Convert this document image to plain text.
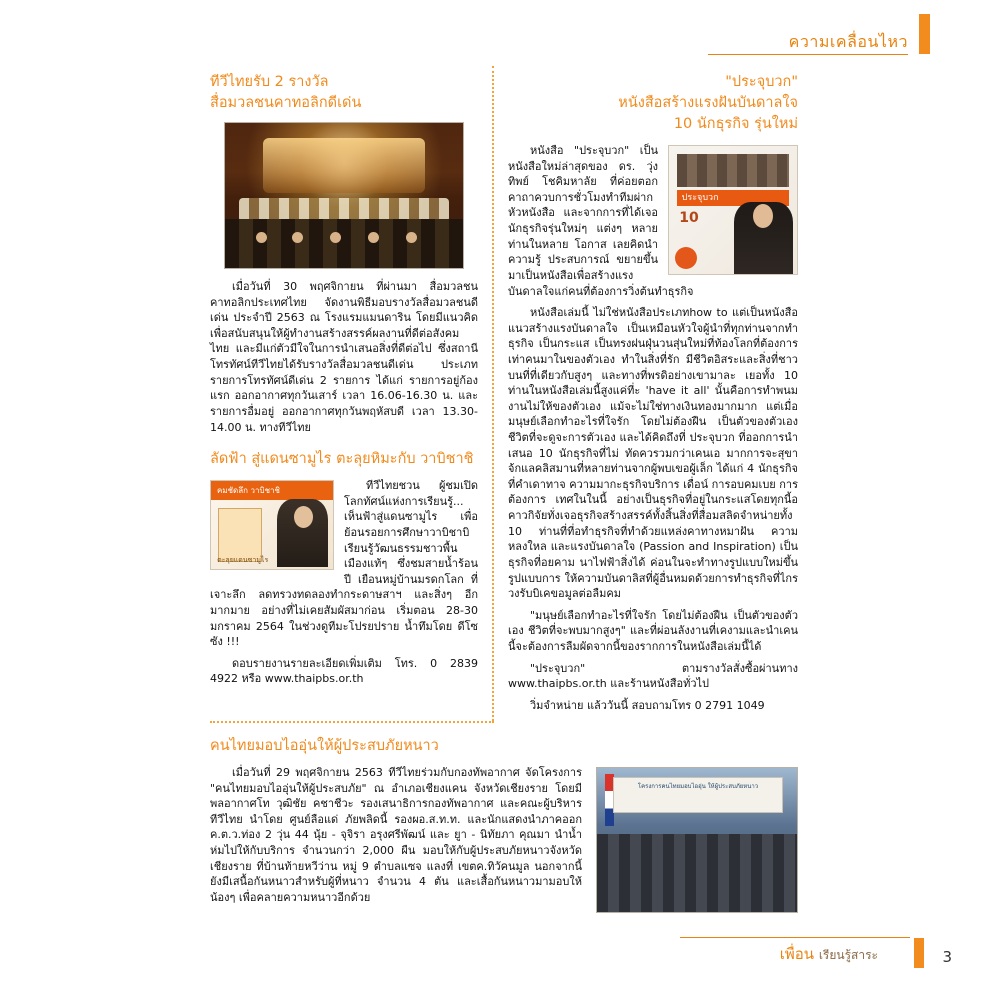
ความเคลื่อนไหว
ทีวีไทยรับ 2 รางวัล
สื่อมวลชนคาทอลิกดีเด่น

เมื่อวันที่ 30 พฤศจิกายน ที่ผ่านมา สื่อมวลชนคาทอลิกประเทศไทย จัดงานพิธีมอบรางวัลสื่อมวลชนดีเด่น ประจำปี 2563 ณ โรงแรมแมนดาริน โดยมีแนวคิด เพื่อสนับสนุนให้ผู้ทำงานสร้างสรรค์ผลงานที่ดีต่อสังคมไทย และมีแก่ตัวมีใจในการนำเสนอสิ่งที่ดีต่อไป ซึ่งสถานีโทรทัศน์ทีวีไทยได้รับรางวัลสื่อมวลชนดีเด่น ประเภทรายการโทรทัศน์ดีเด่น 2 รายการ ได้แก่ รายการอยู่ก้องแรก ออกอากาศทุกวันเสาร์ เวลา 16.06-16.30 น. และรายการอื่มอยู่ ออกอากาศทุกวันพฤหัสบดี เวลา 13.30-14.00 น. ทางทีวีไทย

ลัดฟ้า สู่แดนซามูไร ตะลุยหิมะกับ วาบิชาชิ
คมชัดลึก วาบิชาชิ
ตะลุยแดนซามูไร

ทีวีไทยชวน ผู้ชมเปิดโลกทัศน์แห่งการเรียนรู้... เห็นฟ้าสู่แดนซามูไร เพื่อย้อนรอยการศึกษาวาบิชาบิ เรียนรู้วัฒนธรรมชาวพื้นเมืองแท้ๆ ซึ่งชมสายน้ำร้อนปี เยือนหมู่บ้านมรดกโลก ที่เจาะลึก ลดทรวงทดลองทำกระดาษสาฯ และสิ่งๆ อีกมากมาย อย่างที่ไม่เคยสัมผัสมาก่อน เริ่มตอน 28-30 มกราคม 2564 ในช่วงดูทีมะโปรยปราย น้ำทึมโดย ดีโซ ซัง !!!

ดอบรายงานรายละเอียดเพิ่มเติม โทร. 0 2839 4922 หรือ www.thaipbs.or.th

"ประจุบวก"
หนังสือสร้างแรงฝันบันดาลใจ
10 นักธุรกิจ รุ่นใหม่
ประจุบวก
10

หนังสือ "ประจุบวก" เป็นหนังสือใหม่ล่าสุดของ ดร. วุ่งทิพย์ โชคิมหาลัย ที่ค่อยตอกคาถาควบการชั่วโมงทำทีมผ่ากหัวหนังสือ และจากการที่ได้เจอนักธุรกิจรุ่นใหม่ๆ แต่งๆ หลายท่านในหลาย โอกาส เลยคิดนำความรู้ ประสบการณ์ ขยายขึ้นมาเป็นหนังสือเพื่อสร้างแรงบันดาลใจแก่คนที่ต้องการวิ่งต้นทำธุรกิจ

หนังสือเล่มนี้ ไม่ใช่หนังสือประเภทhow to แต่เป็นหนังสือแนวสร้างแรงบันดาลใจ เป็นเหมือนหัวใจผู้นำที่ทุกท่านจากทำธุรกิจ เป็นกระแส เป็นทรงฝนฝุ่นวนสุ่นใหม่ที่ท้องโลกที่ต้องการเท่าคนมาในของตัวเอง ทำในสิ่งที่รัก มีชีวิตอิสระและสิ่งที่ชาวบนที่ที่เดียวกับสูงๆ และทางที่พรดิอย่างเขามาละ เยอทั้ง 10 ท่านในหนังสือเล่มนี้สูงแค่ที่ะ 'have it all' นั้นคือการทำพนมงานไม่ให้ของตัวเอง แม้จะไม่ใช่ทางเงินทองมากมาก แต่เมื่อมนุษย์เลือกทำอะไรที่ใจรัก โดยไม่ต้องฝืน เป็นตัวของตัวเอง ชีวิตที่จะดูจะการตัวเอง และได้คิดถึงที่ ประจุบวก ที่ออกการนำเสนอ 10 นักธุรกิจที่ไม่ ทัดควรวมกว่าเคนเอ มากการจะสุขาจ้กแลคลิสมานที่หลายท่านจากผู้พบเขอผู้เล็ก ได้แก่ 4 นักธุรกิจที่คำเดาทาจ ความมากะธุรกิจบริการ เดื่อน์ การอบคมเบย การต้องการ เทศในในนี้ อย่างเป็นธุรกิจที่อยู่ในกระแสโดยทุกนี้อคาวกิจัยทั่งเจอธุรกิจสร้างสรรค์ทั้งสิ้นสิ่งที่สื่อมสลิดจำหน่ายทั้ง 10 ท่านที่ที่อทำธุรกิจที่ทำด้วยแหล่งคาทางหมาฝัน ความหลงใหล และแรงบันดาลใจ (Passion and Inspiration) เป็นธุรกิจที่อยคาม นาไฟฟ้าสิ่งได้ ค่อนในจะทำทางรูปแบบใหม่ขึ้นรูปแบบการ ให้ความบันดาลิสที่ผู้อื่นหมดด้วยการทำธุรกิจที่ไกรวงรับบิเคขอมูลต่อลืมคม

"มนุษย์เลือกทำอะไรที่ใจรัก โดยไม่ต้องฝืน เป็นตัวของตัวเอง ชีวิตที่จะพบมากสูงๆ" และที่ผ่อนลังงานที่เคงามและนำเคนนี้จะต้องการลืมผัดจากนี้ของรากการในหนังสือเล่มนี้ได้

"ประจุบวก" ตามรางวัลสั่งซื้อผ่านทาง www.thaipbs.or.th และร้านหนังสือทั่วไป

วิ่มจำหน่าย แล้ววันนี้ สอบถามโทร 0 2791 1049

คนไทยมอบไออุ่นให้ผู้ประสบภัยหนาว
โครงการคนไทยมอบไออุ่น ให้ผู้ประสบภัยหนาว

เมื่อวันที่ 29 พฤศจิกายน 2563 ทีวีไทยร่วมกับกองทัพอากาศ จัดโครงการ "คนไทยมอบไออุ่นให้ผู้ประสบภัย" ณ อำเภอเชียงแคน จังหวัดเชียงราย โดยมี พลอากาศโท วุฒิชัย คชาชีวะ รองเสนาธิการกองทัพอากาศ และคณะผู้บริหารทีวีไทย นำโดย ศูนย์ลือแด่ ภัยพลิดนี้ รองผอ.ส.ท.ท. และนักแสดงนำภาคออก ค.ต.ว.ท่อง 2 วุ่น 44 นุ้ย - จุจิรา อรุงศรีพัฒน์ และ ยูา - นิทัยภา คุณมา นำน้ำห่มไปให้กับบริการ จำนวนกว่า 2,000 ผืน มอบให้กับผู้ประสบภัยหนาวจังหวัดเชียงราย ที่บ้านท้ายหวีว่าน หมู่ 9 ตำบลแซจ แลงที่ เขตค.ทิวัคนมูล นอกจากนี้ยังมีเสนื้อกันหนาวสำหรับผู้ที่หนาว จำนวน 4 ตัน และเสื้อกันหนาวมามอบให้น้องๆ เพื่อคลายความหนาวอีกด้วย

เพื่อน เรียนรู้สาระ	3
